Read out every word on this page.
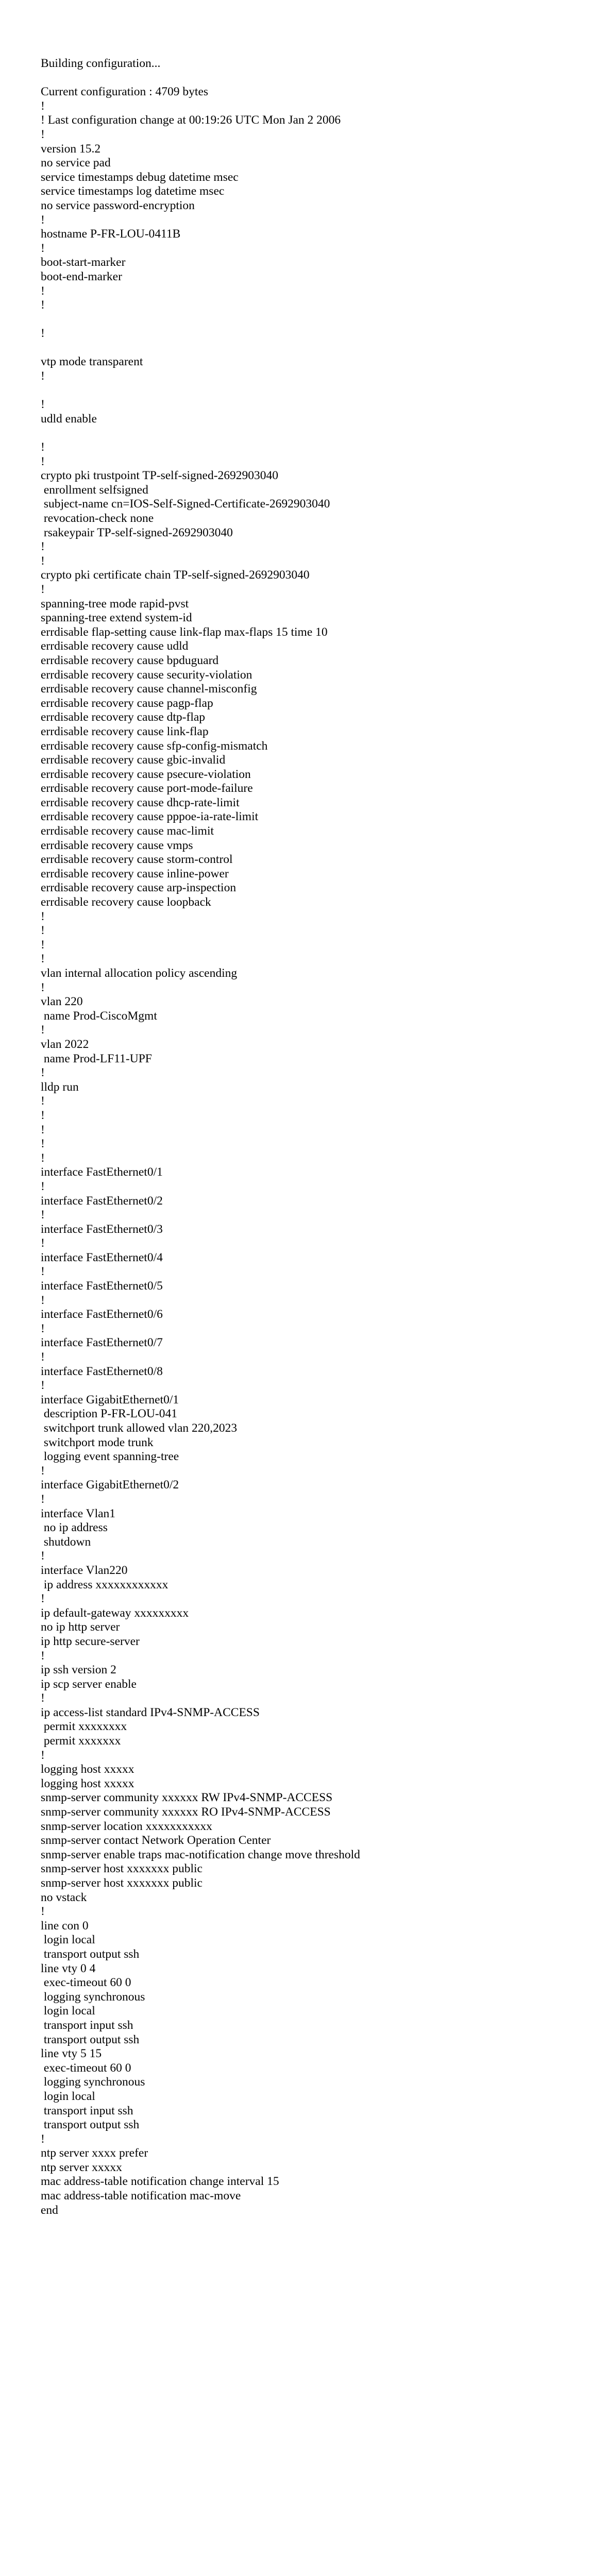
Building configuration...
Current configuration : 4709 bytes
!
! Last configuration change at 00:19:26 UTC Mon Jan 2 2006
!
version 15.2
no service pad
service timestamps debug datetime msec
service timestamps log datetime msec
no service password-encryption
!
hostname P-FR-LOU-0411B
!
boot-start-marker
boot-end-marker
!
!
!
vtp mode transparent
!
!
udld enable
!
!
crypto pki trustpoint TP-self-signed-2692903040
enrollment selfsigned
subject-name cn=IOS-Self-Signed-Certificate-2692903040
revocation-check none
rsakeypair TP-self-signed-2692903040
!
!
crypto pki certificate chain TP-self-signed-2692903040
!
spanning-tree mode rapid-pvst
spanning-tree extend system-id
errdisable flap-setting cause link-flap max-flaps 15 time 10
errdisable recovery cause udld
errdisable recovery cause bpduguard
errdisable recovery cause security-violation
errdisable recovery cause channel-misconfig
errdisable recovery cause pagp-flap
errdisable recovery cause dtp-flap
errdisable recovery cause link-flap
errdisable recovery cause sfp-config-mismatch
errdisable recovery cause gbic-invalid
errdisable recovery cause psecure-violation
errdisable recovery cause port-mode-failure
errdisable recovery cause dhcp-rate-limit
errdisable recovery cause pppoe-ia-rate-limit
errdisable recovery cause mac-limit
errdisable recovery cause vmps
errdisable recovery cause storm-control
errdisable recovery cause inline-power
errdisable recovery cause arp-inspection
errdisable recovery cause loopback
!
!
!
!
vlan internal allocation policy ascending
!
vlan 220
name Prod-CiscoMgmt
!
vlan 2022
name Prod-LF11-UPF
!
lldp run
!
!
!
!
!
interface FastEthernet0/1
!
interface FastEthernet0/2
!
interface FastEthernet0/3
!
interface FastEthernet0/4
!
interface FastEthernet0/5
!
interface FastEthernet0/6
!
interface FastEthernet0/7
!
interface FastEthernet0/8
!
interface GigabitEthernet0/1
description P-FR-LOU-041
switchport trunk allowed vlan 220,2023
switchport mode trunk
logging event spanning-tree
!
interface GigabitEthernet0/2
!
interface Vlan1
no ip address
shutdown
!
interface Vlan220
ip address xxxxxxxxxxxx
!
ip default-gateway xxxxxxxxx
no ip http server
ip http secure-server
!
ip ssh version 2
ip scp server enable
!
ip access-list standard IPv4-SNMP-ACCESS
permit xxxxxxxx
permit xxxxxxx
!
logging host xxxxx
logging host xxxxx
snmp-server community xxxxxx RW IPv4-SNMP-ACCESS
snmp-server community xxxxxx RO IPv4-SNMP-ACCESS
snmp-server location xxxxxxxxxxx
snmp-server contact Network Operation Center
snmp-server enable traps mac-notification change move threshold
snmp-server host xxxxxxx public
snmp-server host xxxxxxx public
no vstack
!
line con 0
login local
transport output ssh
line vty 0 4
exec-timeout 60 0
logging synchronous
login local
transport input ssh
transport output ssh
line vty 5 15
exec-timeout 60 0
logging synchronous
login local
transport input ssh
transport output ssh
!
ntp server xxxx prefer
ntp server xxxxx
mac address-table notification change interval 15
mac address-table notification mac-move
end
